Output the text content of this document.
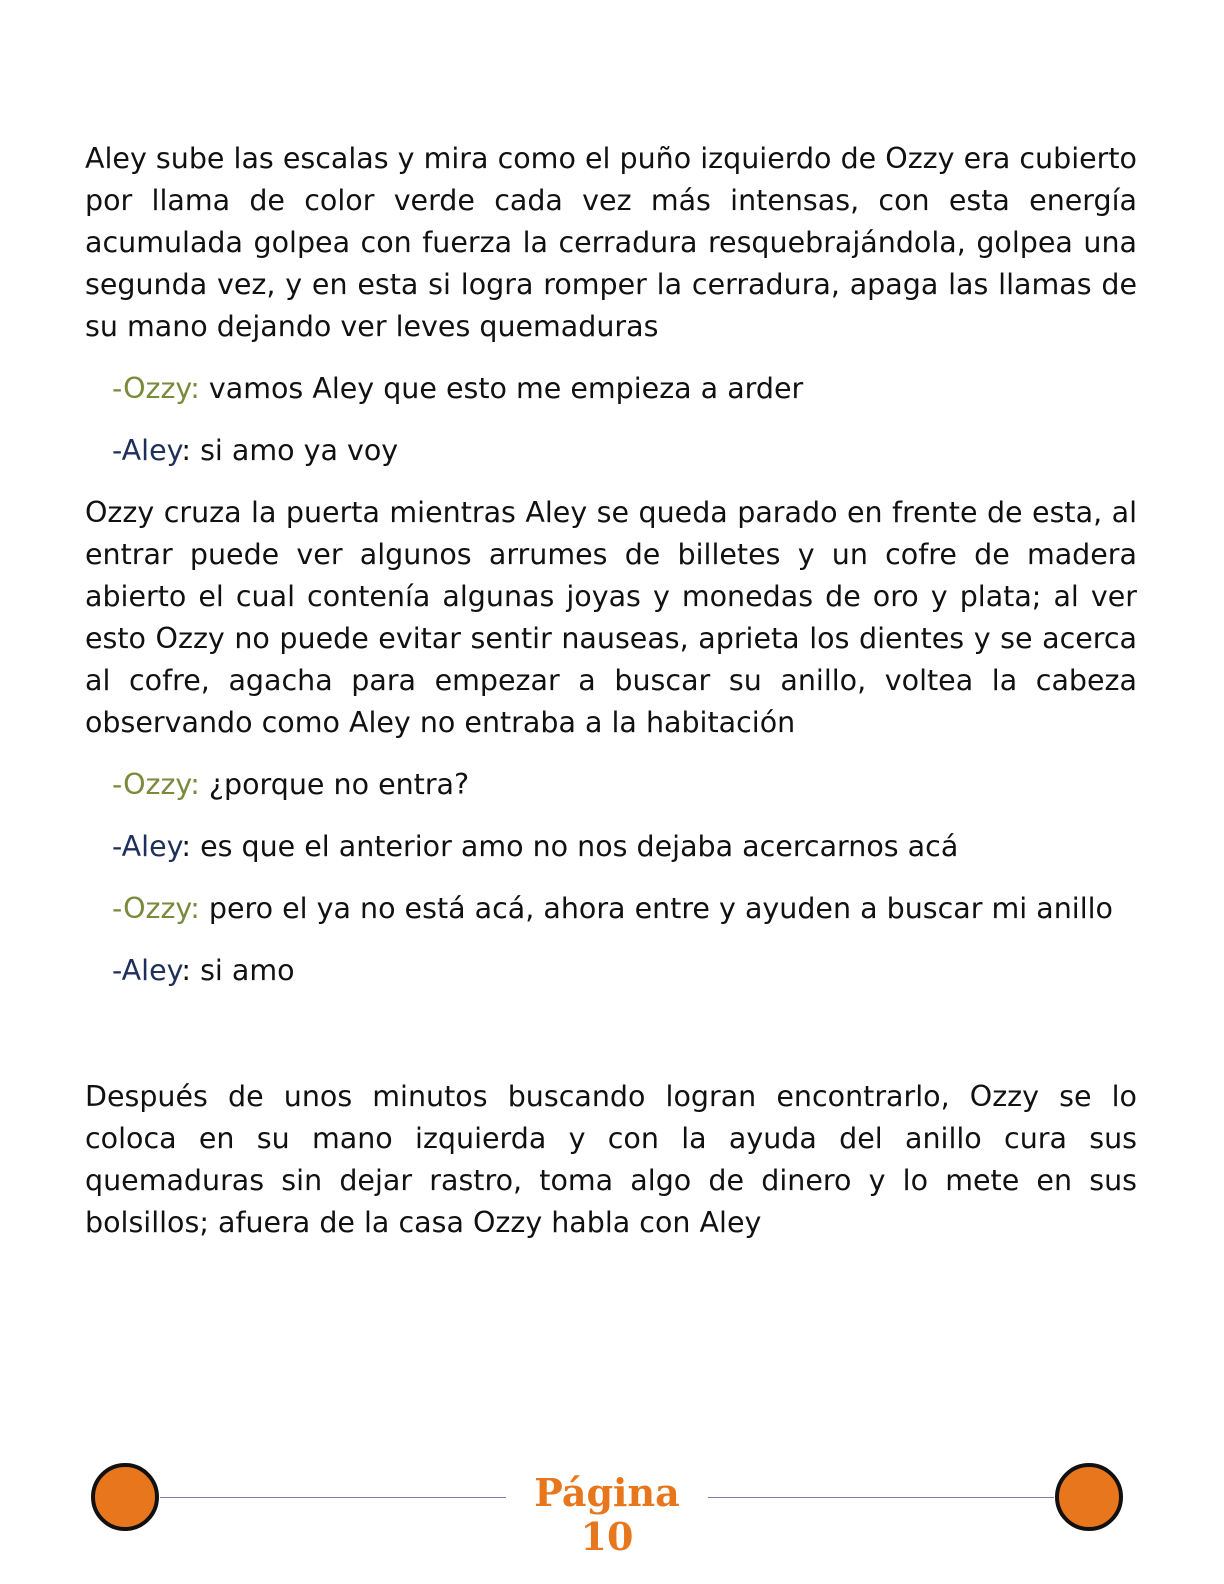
Aley sube las escalas y mira como el puño izquierdo de Ozzy era cubierto por llama de color verde cada vez más intensas, con esta energía acumulada golpea con fuerza la cerradura resquebrajándola, golpea una segunda vez, y en esta si logra romper la cerradura, apaga las llamas de su mano dejando ver leves quemaduras

-Ozzy: vamos Aley que esto me empieza a arder

-Aley: si amo ya voy

Ozzy cruza la puerta mientras Aley se queda parado en frente de esta, al entrar puede ver algunos arrumes de billetes y un cofre de madera abierto el cual contenía algunas joyas y monedas de oro y plata; al ver esto Ozzy no puede evitar sentir nauseas, aprieta los dientes y se acerca al cofre, agacha para empezar a buscar su anillo, voltea la cabeza observando como Aley no entraba a la habitación

-Ozzy: ¿porque no entra?

-Aley: es que el anterior amo no nos dejaba acercarnos acá

-Ozzy: pero el ya no está acá, ahora entre y ayuden a buscar mi anillo

-Aley: si amo

Después de unos minutos buscando logran encontrarlo, Ozzy se lo coloca en su mano izquierda y con la ayuda del anillo cura sus quemaduras sin dejar rastro, toma algo de dinero y lo mete en sus bolsillos; afuera de la casa Ozzy habla con Aley

Página
10
